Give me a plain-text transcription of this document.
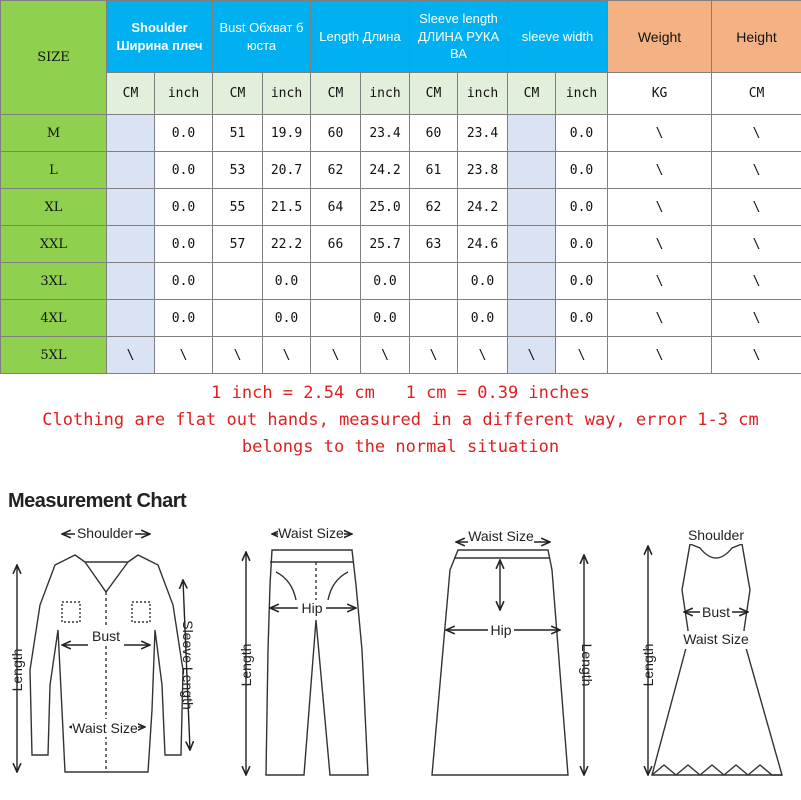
SIZE	Shoulder Ширина плеч		Bust Обхват б юста		Length Длина		Sleeve length ДЛИНА РУКА ВА		sleeve width		Weight	Height
	CM	inch	CM	inch	CM	inch	CM	inch	CM	inch	KG	CM
M		0.0	51	19.9	60	23.4	60	23.4		0.0	\	\
L		0.0	53	20.7	62	24.2	61	23.8		0.0	\	\
XL		0.0	55	21.5	64	25.0	62	24.2		0.0	\	\
XXL		0.0	57	22.2	66	25.7	63	24.6		0.0	\	\
3XL		0.0		0.0		0.0		0.0		0.0	\	\
4XL		0.0		0.0		0.0		0.0		0.0	\	\
5XL	\	\	\	\	\	\	\	\	\	\	\	\
1 inch = 2.54 cm   1 cm = 0.39 inches
Clothing are flat out hands, measured in a different way, error 1-3 cm
belongs to the normal situation
Measurement Chart
Shoulder
Bust
Waist Size
Length	Sleeve Length
Waist Size
Hip
Length
Waist Size
Hip
Length
Shoulder
Bust
Waist Size
Length
